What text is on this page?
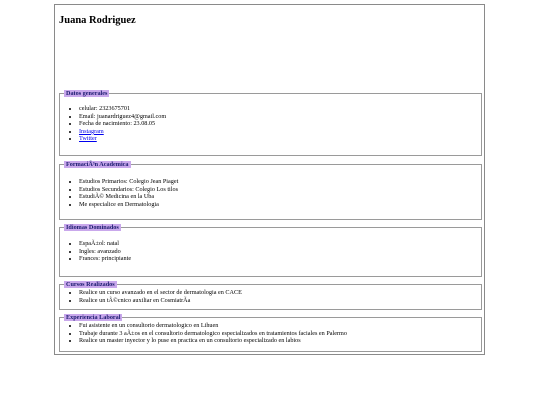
Juana Rodriguez
Datos generales
• celular: 2323675701
• Email: juanardriguez4@gmail.com
• Fecha de nacimiento: 23.08.05
• Instagram
• Twitter
FormaciÃ³n Academica
• Estudios Primarios: Colegio Jean Piaget
• Estudios Secundarios: Colegio Los tilos
• EstudiÃ© Medicina en la Uba
• Me especialice en Dermatologia
Idiomas Dominados
• EspaÃ±ol: natal
• Ingles: avanzado
• Frances: principiante
Cursos Realizados
• Realice un curso avanzado en el sector de dermatologia en CACE
• Realice un tÃ©cnico auxiliar en CosmiatrÃa
Experiencia Laboral
• Fui asistente en un consultorio dermatologico en Lihuen
• Trabaje durante 3 aÃ±os en el consultorio dermatologico especializados en tratamientos faciales en Palermo
• Realice un master inyector y lo puse en practica en un consultorio especializado en labios
